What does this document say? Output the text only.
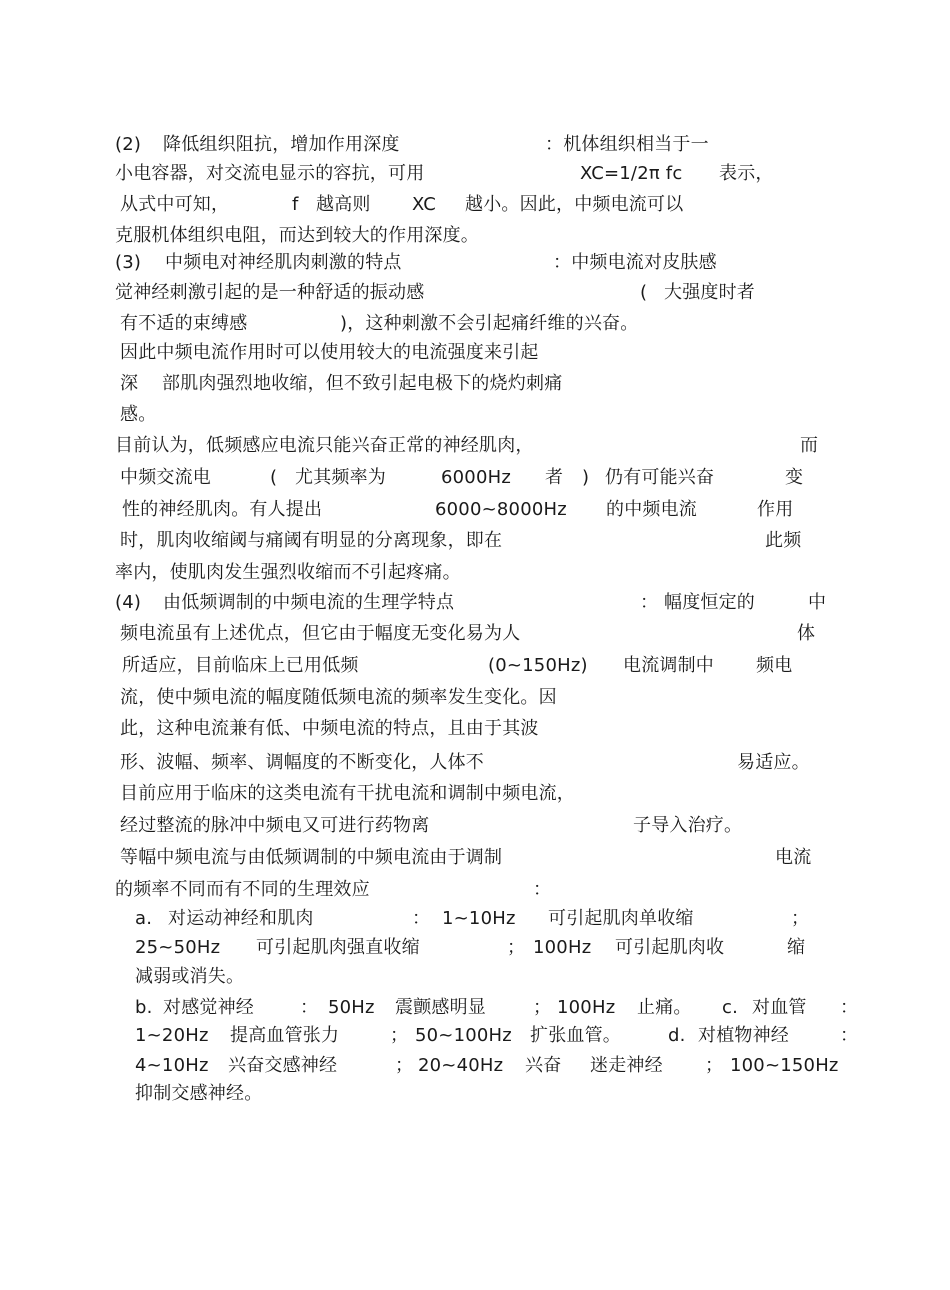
(2) 降低组织阻抗，增加作用深度	：机体组织相当于一
小电容器，对交流电显示的容抗，可用	XC=1/2π fc 表示，
从式中可知，	f 越高则 XC 越小。因此，中频电流可以
克服机体组织电阻，而达到较大的作用深度。
(3) 中频电对神经肌肉刺激的特点	：中频电流对皮肤感
觉神经刺激引起的是一种舒适的振动感	( 大强度时者
有不适的束缚感	)，这种刺激不会引起痛纤维的兴奋。
因此中频电流作用时可以使用较大的电流强度来引起
深 部肌肉强烈地收缩，但不致引起电极下的烧灼刺痛
感。
目前认为，低频感应电流只能兴奋正常的神经肌肉，	而
中频交流电	( 尤其频率为	6000Hz 者 ) 仍有可能兴奋	变
性的神经肌肉。有人提出	6000~8000Hz 的中频电流	作用
时，肌肉收缩阈与痛阈有明显的分离现象，即在	此频
率内，使肌肉发生强烈收缩而不引起疼痛。
(4) 由低频调制的中频电流的生理学特点	： 幅度恒定的	中
频电流虽有上述优点，但它由于幅度无变化易为人	体
所适应，目前临床上已用低频	(0~150Hz) 电流调制中 频电
流，使中频电流的幅度随低频电流的频率发生变化。因
此，这种电流兼有低、中频电流的特点，且由于其波
形、波幅、频率、调幅度的不断变化，人体不	易适应。
目前应用于临床的这类电流有干扰电流和调制中频电流，
经过整流的脉冲中频电又可进行药物离	子导入治疗。
等幅中频电流与由低频调制的中频电流由于调制	电流
的频率不同而有不同的生理效应	：
a. 对运动神经和肌肉	： 1~10Hz 可引起肌肉单收缩	；
25~50Hz 可引起肌肉强直收缩	； 100Hz 可引起肌肉收	缩
减弱或消失。
b. 对感觉神经	： 50Hz 震颤感明显	； 100Hz 止痛。 c. 对血管 ：
1~20Hz 提高血管张力	； 50~100Hz 扩张血管。	d. 对植物神经	：
4~10Hz 兴奋交感神经	； 20~40Hz 兴奋 迷走神经 ； 100~150Hz
抑制交感神经。
